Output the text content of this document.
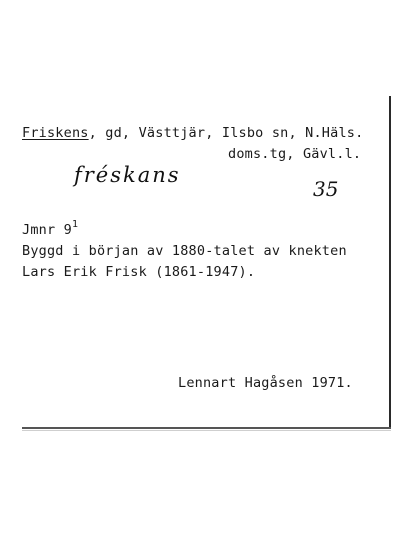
Friskens, gd, Västtjär, Ilsbo sn, N.Häls.
doms.tg, Gävl.l.
fréskans
35
Jmnr $9^1$
Byggd i början av 1880-talet av knekten
Lars Erik Frisk (1861-1947).
Lennart Hagåsen 1971.
